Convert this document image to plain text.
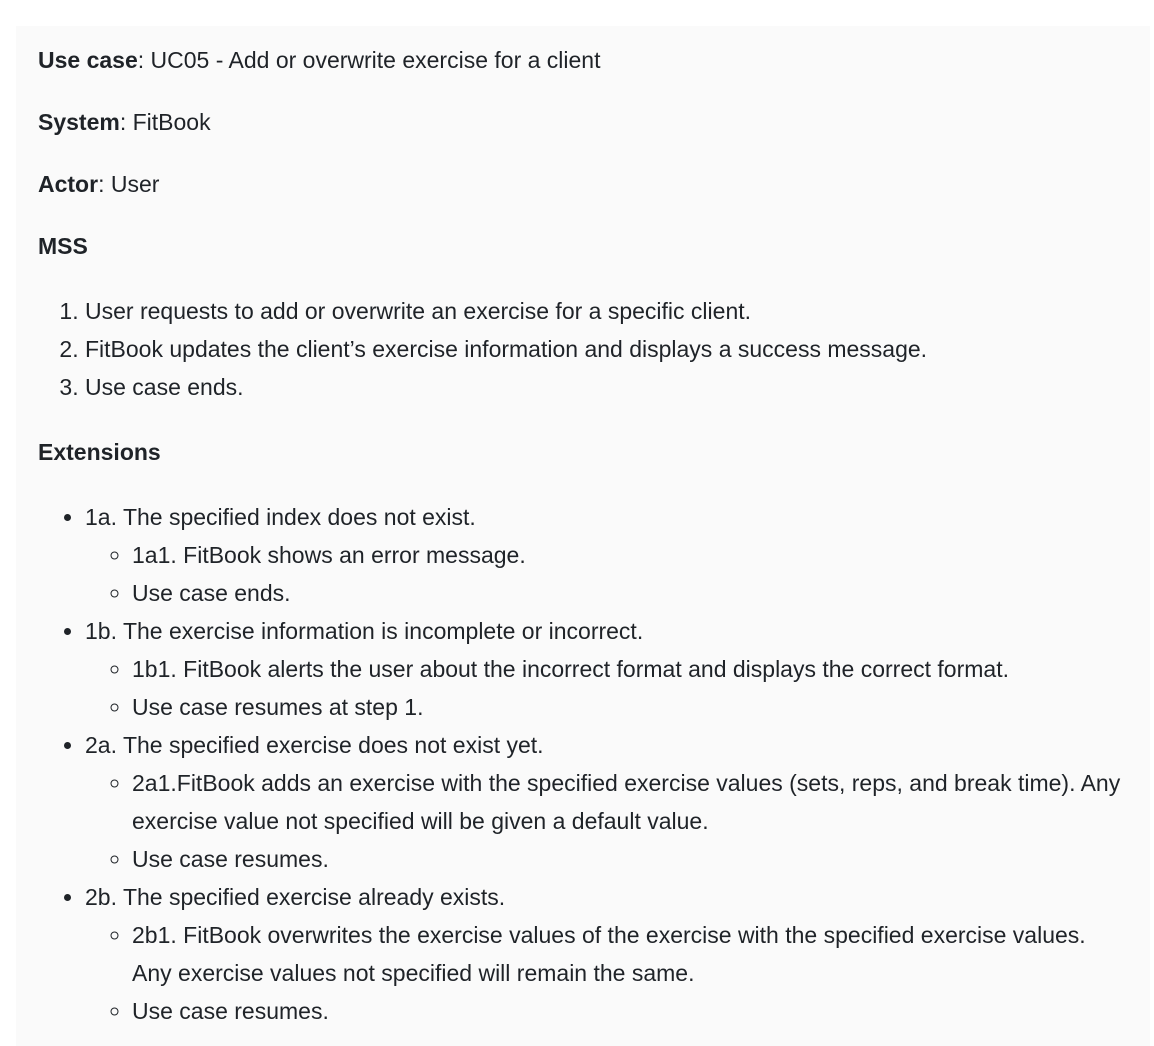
Use case: UC05 - Add or overwrite exercise for a client

System: FitBook

Actor: User

MSS

1. User requests to add or overwrite an exercise for a specific client.
2. FitBook updates the client’s exercise information and displays a success message.
3. Use case ends.

Extensions

• 1a. The specified index does not exist.
◦ 1a1. FitBook shows an error message.
◦ Use case ends.
• 1b. The exercise information is incomplete or incorrect.
◦ 1b1. FitBook alerts the user about the incorrect format and displays the correct format.
◦ Use case resumes at step 1.
• 2a. The specified exercise does not exist yet.
◦ 2a1.FitBook adds an exercise with the specified exercise values (sets, reps, and break time). Any exercise value not specified will be given a default value.
◦ Use case resumes.
• 2b. The specified exercise already exists.
◦ 2b1. FitBook overwrites the exercise values of the exercise with the specified exercise values. Any exercise values not specified will remain the same.
◦ Use case resumes.
